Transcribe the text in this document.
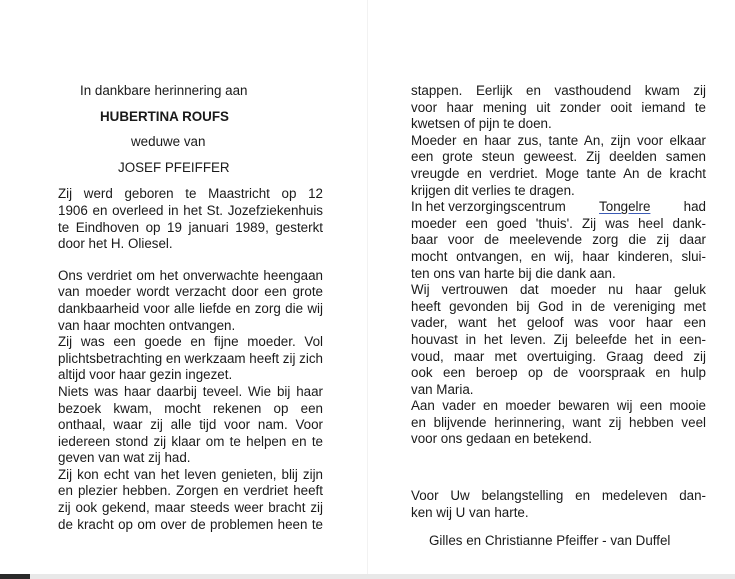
In dankbare herinnering aan
HUBERTINA ROUFS
weduwe van
JOSEF PFEIFFER
Zij werd geboren te Maastricht op 12
1906 en overleed in het St. Jozefziekenhuis
te Eindhoven op 19 januari 1989, gesterkt
door het H. Oliesel.
Ons verdriet om het onverwachte heengaan
van moeder wordt verzacht door een grote
dankbaarheid voor alle liefde en zorg die wij
van haar mochten ontvangen.
Zij was een goede en fijne moeder. Vol
plichtsbetrachting en werkzaam heeft zij zich
altijd voor haar gezin ingezet.
Niets was haar daarbij teveel. Wie bij haar
bezoek kwam, mocht rekenen op een
onthaal, waar zij alle tijd voor nam. Voor
iedereen stond zij klaar om te helpen en te
geven van wat zij had.
Zij kon echt van het leven genieten, blij zijn
en plezier hebben. Zorgen en verdriet heeft
zij ook gekend, maar steeds weer bracht zij
de kracht op om over de problemen heen te
stappen. Eerlijk en vasthoudend kwam zij
voor haar mening uit zonder ooit iemand te
kwetsen of pijn te doen.
Moeder en haar zus, tante An, zijn voor elkaar
een grote steun geweest. Zij deelden samen
vreugde en verdriet. Moge tante An de kracht
krijgen dit verlies te dragen.
In het verzorgingscentrum Tongelre had
moeder een goed 'thuis'. Zij was heel dank-
baar voor de meelevende zorg die zij daar
mocht ontvangen, en wij, haar kinderen, slui-
ten ons van harte bij die dank aan.
Wij vertrouwen dat moeder nu haar geluk
heeft gevonden bij God in de vereniging met
vader, want het geloof was voor haar een
houvast in het leven. Zij beleefde het in een-
voud, maar met overtuiging. Graag deed zij
ook een beroep op de voorspraak en hulp
van Maria.
Aan vader en moeder bewaren wij een mooie
en blijvende herinnering, want zij hebben veel
voor ons gedaan en betekend.
Voor Uw belangstelling en medeleven dan-
ken wij U van harte.
Gilles en Christianne Pfeiffer - van Duffel
